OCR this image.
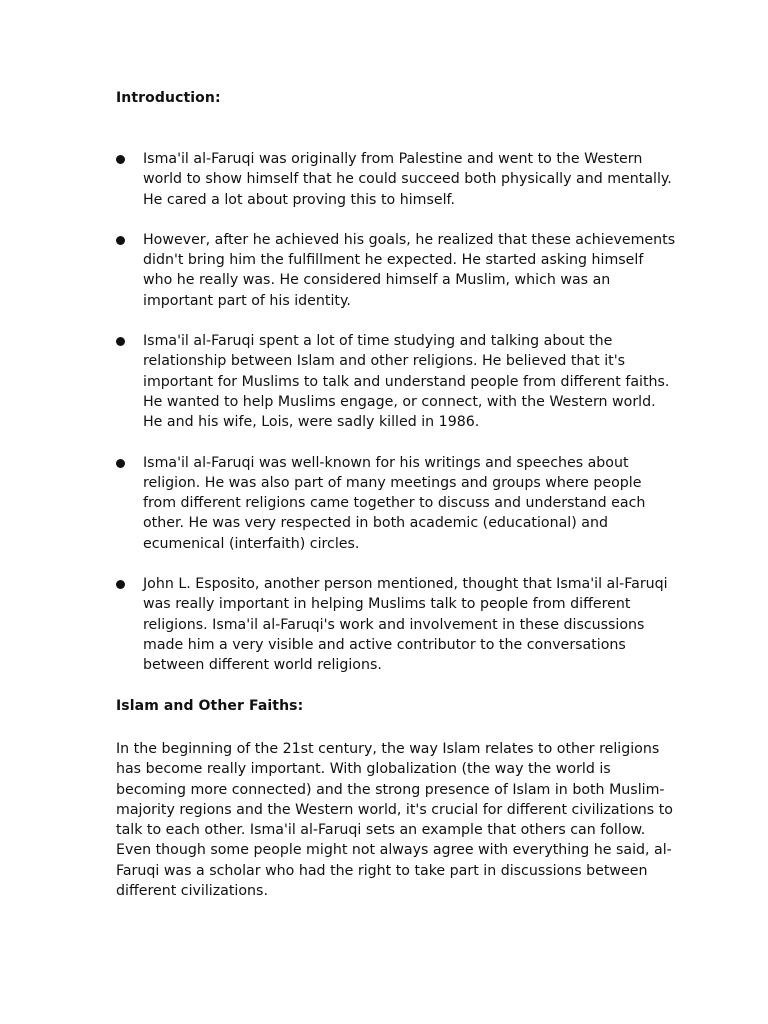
Introduction:
Isma'il al-Faruqi was originally from Palestine and went to the Western world to show himself that he could succeed both physically and mentally. He cared a lot about proving this to himself.
However, after he achieved his goals, he realized that these achievements didn't bring him the fulfillment he expected. He started asking himself who he really was. He considered himself a Muslim, which was an important part of his identity.
Isma'il al-Faruqi spent a lot of time studying and talking about the relationship between Islam and other religions. He believed that it's important for Muslims to talk and understand people from different faiths. He wanted to help Muslims engage, or connect, with the Western world. He and his wife, Lois, were sadly killed in 1986.
Isma'il al-Faruqi was well-known for his writings and speeches about religion. He was also part of many meetings and groups where people from different religions came together to discuss and understand each other. He was very respected in both academic (educational) and ecumenical (interfaith) circles.
John L. Esposito, another person mentioned, thought that Isma'il al-Faruqi was really important in helping Muslims talk to people from different religions. Isma'il al-Faruqi's work and involvement in these discussions made him a very visible and active contributor to the conversations between different world religions.
Islam and Other Faiths:

In the beginning of the 21st century, the way Islam relates to other religions has become really important. With globalization (the way the world is becoming more connected) and the strong presence of Islam in both Muslim-majority regions and the Western world, it's crucial for different civilizations to talk to each other. Isma'il al-Faruqi sets an example that others can follow. Even though some people might not always agree with everything he said, al-Faruqi was a scholar who had the right to take part in discussions between different civilizations.
